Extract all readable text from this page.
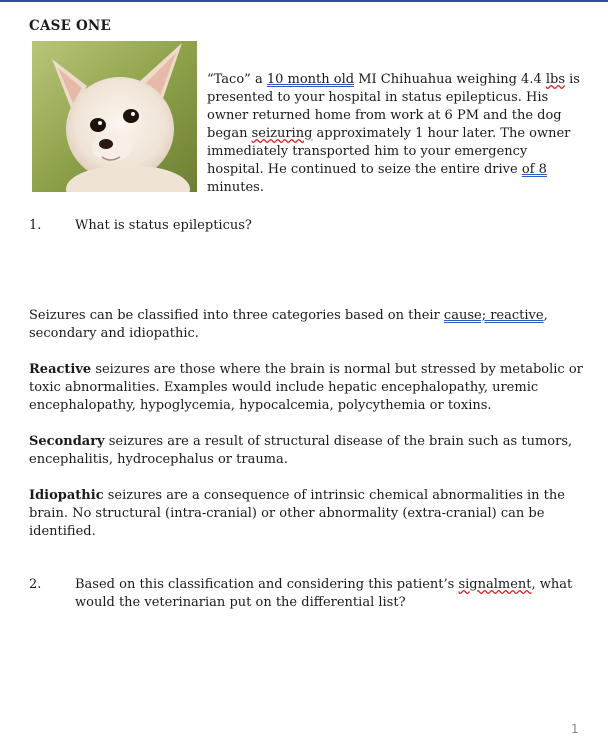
CASE ONE
“Taco” a 10 month old MI Chihuahua weighing 4.4 lbs is
presented to your hospital in status epilepticus. His
owner returned home from work at 6 PM and the dog
began seizuring approximately 1 hour later. The owner
immediately transported him to your emergency
hospital. He continued to seize the entire drive of 8
minutes.
1.	What is status epilepticus?
Seizures can be classified into three categories based on their cause; reactive,
secondary and idiopathic.
Reactive seizures are those where the brain is normal but stressed by metabolic or
toxic abnormalities. Examples would include hepatic encephalopathy, uremic
encephalopathy, hypoglycemia, hypocalcemia, polycythemia or toxins.
Secondary seizures are a result of structural disease of the brain such as tumors,
encephalitis, hydrocephalus or trauma.
Idiopathic seizures are a consequence of intrinsic chemical abnormalities in the
brain. No structural (intra-cranial) or other abnormality (extra-cranial) can be
identified.
2.	Based on this classification and considering this patient’s signalment, what
would the veterinarian put on the differential list?
1
